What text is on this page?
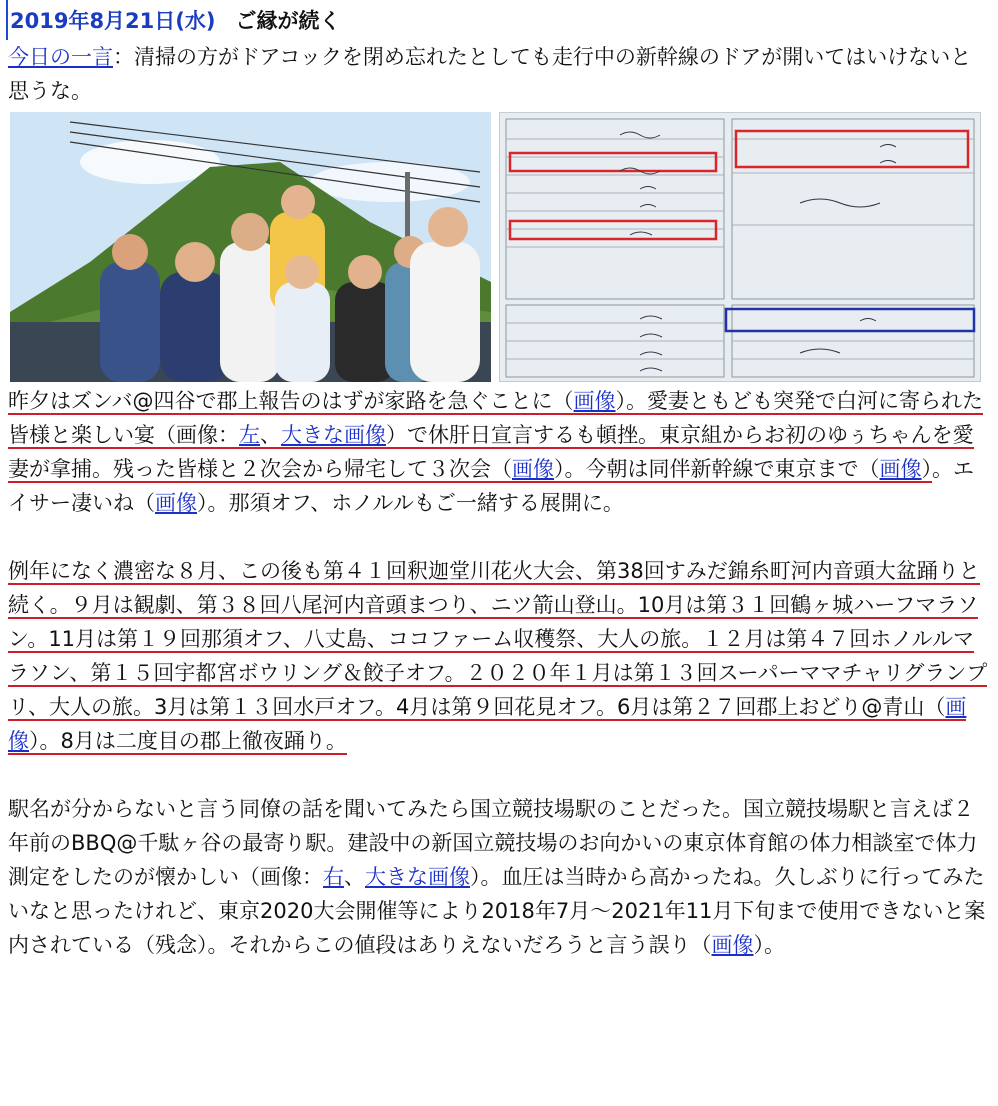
2019年8月21日(水) ご縁が続く

今日の一言：清掃の方がドアコックを閉め忘れたとしても走行中の新幹線のドアが開いてはいけないと思うな。

昨夕はズンバ@四谷で郡上報告のはずが家路を急ぐことに（画像）。愛妻ともども突発で白河に寄られた皆様と楽しい宴（画像：左、大きな画像）で休肝日宣言するも頓挫。東京組からお初のゆぅちゃんを愛妻が拿捕。残った皆様と２次会から帰宅して３次会（画像）。今朝は同伴新幹線で東京まで（画像）。エイサー凄いね（画像）。那須オフ、ホノルルもご一緒する展開に。

例年になく濃密な８月、この後も第４１回釈迦堂川花火大会、第38回すみだ錦糸町河内音頭大盆踊りと続く。９月は観劇、第３８回八尾河内音頭まつり、ニツ箭山登山。10月は第３１回鶴ヶ城ハーフマラソン。11月は第１９回那須オフ、八丈島、ココファーム収穫祭、大人の旅。１２月は第４７回ホノルルマラソン、第１５回宇都宮ボウリング＆餃子オフ。２０２０年１月は第１３回スーパーママチャリグランプリ、大人の旅。3月は第１３回水戸オフ。4月は第９回花見オフ。6月は第２７回郡上おどり@青山（画像）。8月は二度目の郡上徹夜踊り。

駅名が分からないと言う同僚の話を聞いてみたら国立競技場駅のことだった。国立競技場駅と言えば２年前のBBQ@千駄ヶ谷の最寄り駅。建設中の新国立競技場のお向かいの東京体育館の体力相談室で体力測定をしたのが懐かしい（画像：右、大きな画像）。血圧は当時から高かったね。久しぶりに行ってみたいなと思ったけれど、東京2020大会開催等により2018年7月～2021年11月下旬まで使用できないと案内されている（残念）。それからこの値段はありえないだろうと言う誤り（画像）。
